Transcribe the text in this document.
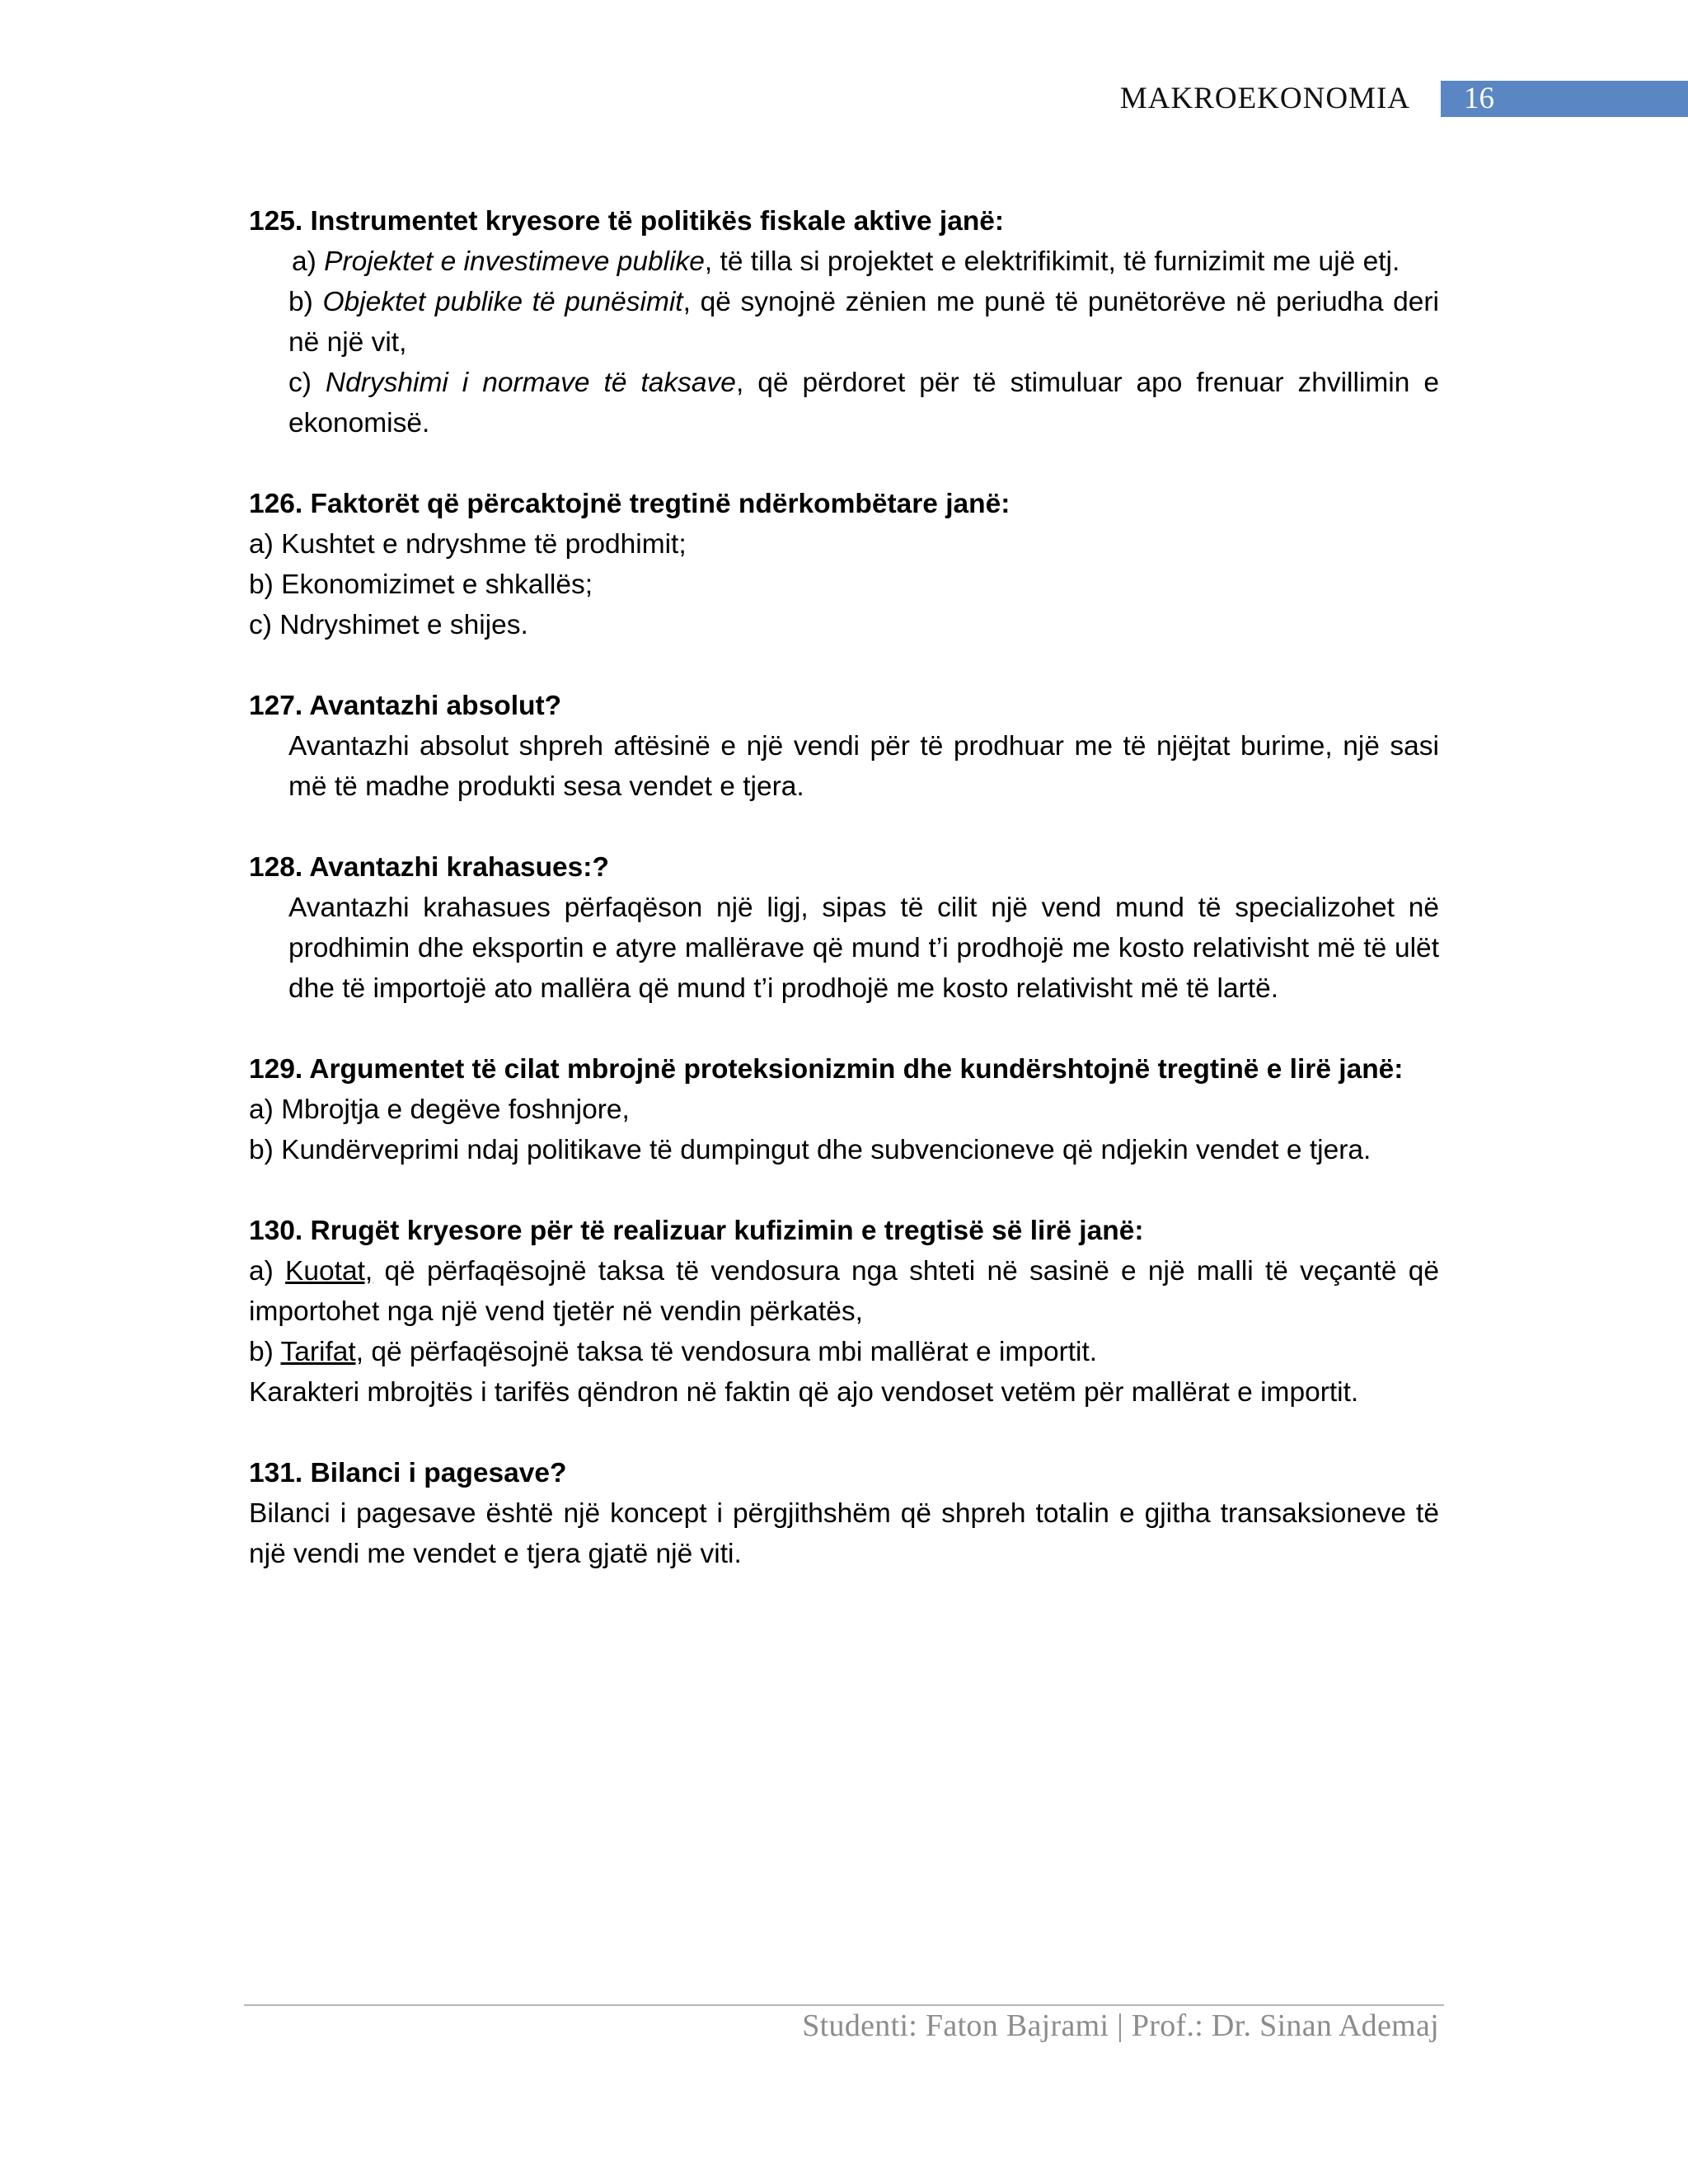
MAKROEKONOMIA	16
125. Instrumentet kryesore të politikës fiskale aktive janë:
a) Projektet e investimeve publike, të tilla si projektet e elektrifikimit, të furnizimit me ujë etj.
b) Objektet publike të punësimit, që synojnë zënien me punë të punëtorëve në periudha deri në një vit,
c) Ndryshimi i normave të taksave, që përdoret për të stimuluar apo frenuar zhvillimin e ekonomisë.
126. Faktorët që përcaktojnë tregtinë ndërkombëtare janë:
a) Kushtet e ndryshme të prodhimit;
b) Ekonomizimet e shkallës;
c) Ndryshimet e shijes.
127. Avantazhi absolut?
Avantazhi absolut shpreh aftësinë e një vendi për të prodhuar me të njëjtat burime, një sasi më të madhe produkti sesa vendet e tjera.
128. Avantazhi krahasues:?
Avantazhi krahasues përfaqëson një ligj, sipas të cilit një vend mund të specializohet në prodhimin dhe eksportin e atyre mallërave që mund t’i prodhojë me kosto relativisht më të ulët dhe të importojë ato mallëra që mund t’i prodhojë me kosto relativisht më të lartë.
129. Argumentet të cilat mbrojnë proteksionizmin dhe kundërshtojnë tregtinë e lirë janë:
a) Mbrojtja e degëve foshnjore,
b) Kundërveprimi ndaj politikave të dumpingut dhe subvencioneve që ndjekin vendet e tjera.
130. Rrugët kryesore për të realizuar kufizimin e tregtisë së lirë janë:
a) Kuotat, që përfaqësojnë taksa të vendosura nga shteti në sasinë e një malli të veçantë që importohet nga një vend tjetër në vendin përkatës,
b) Tarifat, që përfaqësojnë taksa të vendosura mbi mallërat e importit.
Karakteri mbrojtës i tarifës qëndron në faktin që ajo vendoset vetëm për mallërat e importit.
131. Bilanci i pagesave?
Bilanci i pagesave është një koncept i përgjithshëm që shpreh totalin e gjitha transaksioneve të një vendi me vendet e tjera gjatë një viti.
Studenti: Faton Bajrami | Prof.: Dr. Sinan Ademaj
